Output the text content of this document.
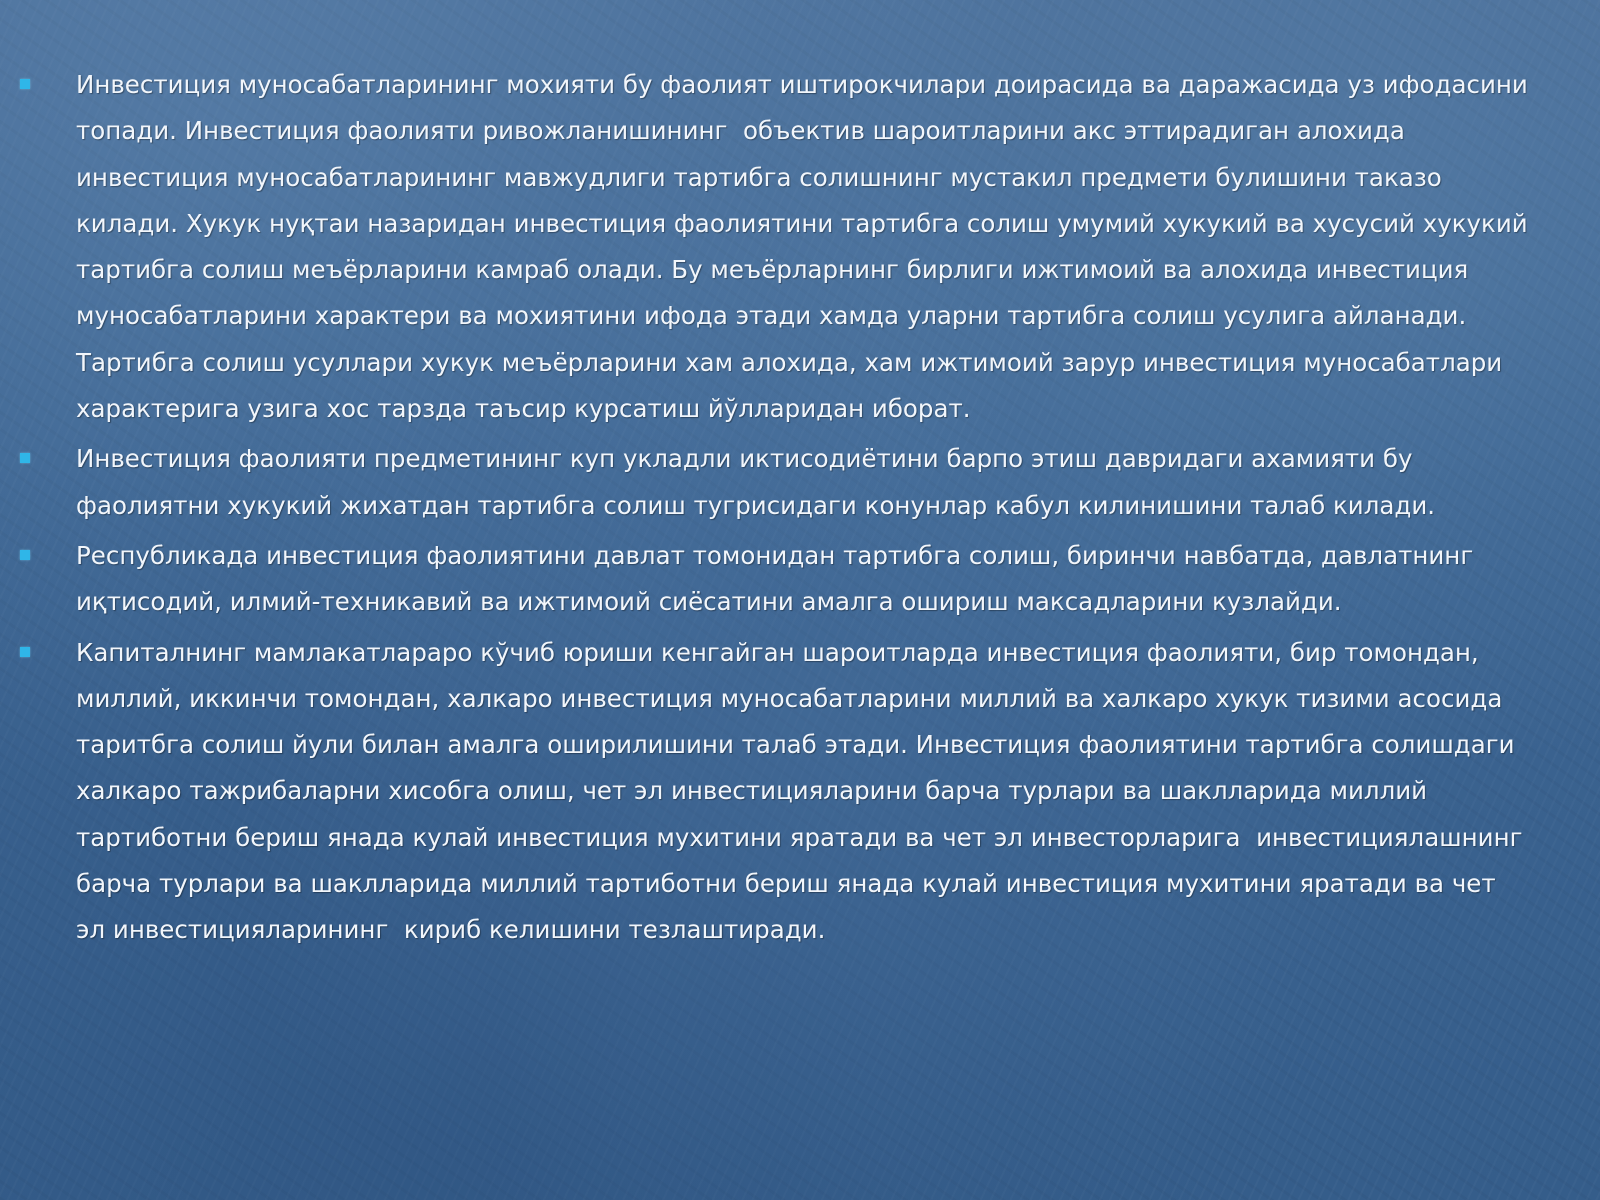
Инвестиция муносабатларининг мохияти бу фаолият иштирокчилари доирасида ва даражасида уз ифодасини топади. Инвестиция фаолияти ривожланишининг  объектив шароитларини акс эттирадиган алохида инвестиция муносабатларининг мавжудлиги тартибга солишнинг мустакил предмети булишини таказо килади. Хукук нуқтаи назаридан инвестиция фаолиятини тартибга солиш умумий хукукий ва хусусий хукукий тартибга солиш меъёрларини камраб олади. Бу меъёрларнинг бирлиги ижтимоий ва алохида инвестиция муносабатларини характери ва мохиятини ифода этади хамда уларни тартибга солиш усулига айланади. Тартибга солиш усуллари хукук меъёрларини хам алохида, хам ижтимоий зарур инвестиция муносабатлари характерига узига хос тарзда таъсир курсатиш йўлларидан иборат.
Инвестиция фаолияти предметининг куп укладли иктисодиётини барпо этиш давридаги ахамияти бу фаолиятни хукукий жихатдан тартибга солиш тугрисидаги конунлар кабул килинишини талаб килади.
Республикада инвестиция фаолиятини давлат томонидан тартибга солиш, биринчи навбатда, давлатнинг иқтисодий, илмий-техникавий ва ижтимоий сиёсатини амалга ошириш максадларини кузлайди.
Капиталнинг мамлакатлараро кўчиб юриши кенгайган шароитларда инвестиция фаолияти, бир томондан, миллий, иккинчи томондан, халкаро инвестиция муносабатларини миллий ва халкаро хукук тизими асосида таритбга солиш йули билан амалга оширилишини талаб этади. Инвестиция фаолиятини тартибга солишдаги халкаро тажрибаларни хисобга олиш, чет эл инвестицияларини барча турлари ва шаклларида миллий тартиботни бериш янада кулай инвестиция мухитини яратади ва чет эл инвесторларига  инвестициялашнинг барча турлари ва шаклларида миллий тартиботни бериш янада кулай инвестиция мухитини яратади ва чет эл инвестицияларининг  кириб келишини тезлаштиради.
